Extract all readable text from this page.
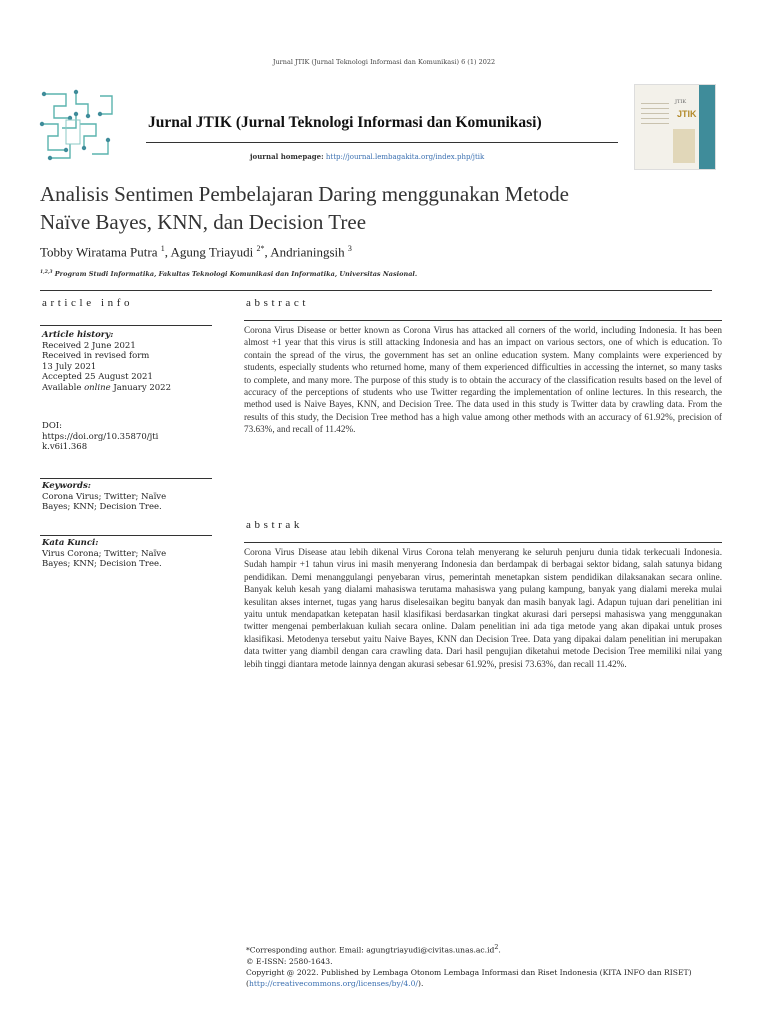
Jurnal JTIK (Jurnal Teknologi Informasi dan Komunikasi) 6 (1) 2022
Jurnal JTIK (Jurnal Teknologi Informasi dan Komunikasi)
journal homepage: http://journal.lembagakita.org/index.php/jtik
JTIK
JTIK
Analisis Sentimen Pembelajaran Daring menggunakan Metode
Naïve Bayes, KNN, dan Decision Tree
Tobby Wiratama Putra $^1$, Agung Triayudi $^{2*}$, Andrianingsih $^3$
$^{1,2,3}$ Program Studi Informatika, Fakultas Teknologi Komunikasi dan Informatika, Universitas Nasional.
article info	abstract
Article history:
Received 2 June 2021
Received in revised form
13 July 2021
Accepted 25 August 2021
Available online January 2022
DOI:
https://doi.org/10.35870/jti
k.v6i1.368
Keywords:
Corona Virus; Twitter; Naïve
Bayes; KNN; Decision Tree.
Kata Kunci:
Virus Corona; Twitter; Naïve
Bayes; KNN; Decision Tree.
Corona Virus Disease or better known as Corona Virus has attacked all corners of the world, including Indonesia. It has been almost +1 year that this virus is still attacking Indonesia and has an impact on various sectors, one of which is education. To contain the spread of the virus, the government has set an online education system. Many complaints were experienced by students, especially students who returned home, many of them experienced difficulties in accessing the internet, so many tasks to complete, and many more. The purpose of this study is to obtain the accuracy of the classification results based on the level of accuracy of the perceptions of students who use Twitter regarding the implementation of online lectures. In this research, the method used is Naive Bayes, KNN, and Decision Tree. The data used in this study is Twitter data by crawling data. From the results of this study, the Decision Tree method has a high value among other methods with an accuracy of 61.92%, precision of 73.63%, and recall of 11.42%.
abstrak
Corona Virus Disease atau lebih dikenal Virus Corona telah menyerang ke seluruh penjuru dunia tidak terkecuali Indonesia. Sudah hampir +1 tahun virus ini masih menyerang Indonesia dan berdampak di berbagai sektor bidang, salah satunya bidang pendidikan. Demi menanggulangi penyebaran virus, pemerintah menetapkan sistem pendidikan dilaksanakan secara online. Banyak keluh kesah yang dialami mahasiswa terutama mahasiswa yang pulang kampung, banyak yang dialami mereka mulai kesulitan akses internet, tugas yang harus diselesaikan begitu banyak dan masih banyak lagi. Adapun tujuan dari penelitian ini yaitu untuk mendapatkan ketepatan hasil klasifikasi berdasarkan tingkat akurasi dari persepsi mahasiswa yang menggunakan twitter mengenai pemberlakuan kuliah secara online. Dalam penelitian ini ada tiga metode yang akan dipakai untuk proses klasifikasi. Metodenya tersebut yaitu Naive Bayes, KNN dan Decision Tree. Data yang dipakai dalam penelitian ini merupakan data twitter yang diambil dengan cara crawling data. Dari hasil pengujian diketahui metode Decision Tree memiliki nilai yang lebih tinggi diantara metode lainnya dengan akurasi sebesar 61.92%, presisi 73.63%, dan recall 11.42%.
*Corresponding author. Email: $agungtriayudi@civitas.unas.ac.id^2$.
© E-ISSN: 2580-1643.
Copyright @ 2022. Published by Lembaga Otonom Lembaga Informasi dan Riset Indonesia (KITA INFO dan RISET)
(http://creativecommons.org/licenses/by/4.0/).
